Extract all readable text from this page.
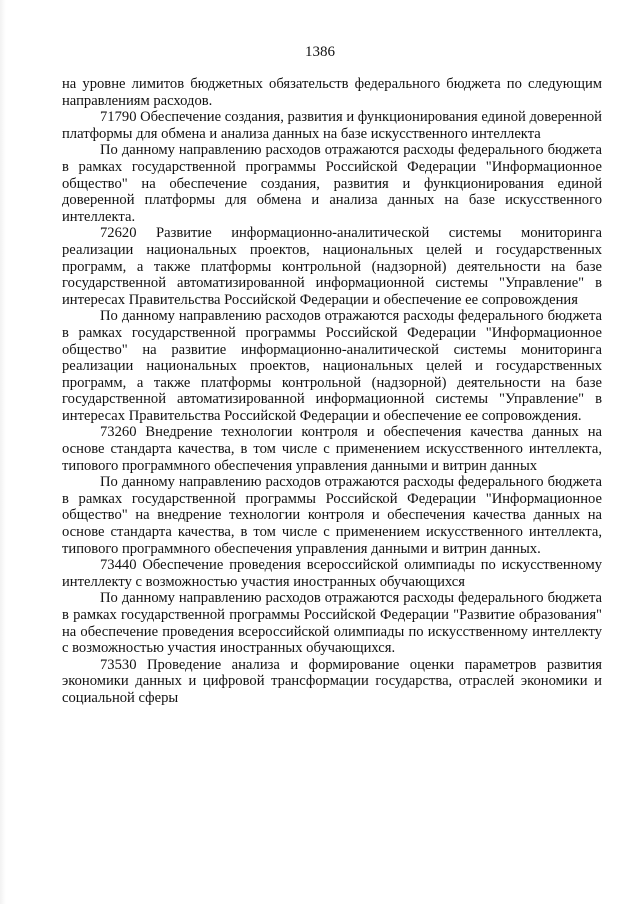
1386

на уровне лимитов бюджетных обязательств федерального бюджета по следующим направлениям расходов.

71790 Обеспечение создания, развития и функционирования единой доверенной платформы для обмена и анализа данных на базе искусственного интеллекта

По данному направлению расходов отражаются расходы федерального бюджета в рамках государственной программы Российской Федерации "Информационное общество" на обеспечение создания, развития и функционирования единой доверенной платформы для обмена и анализа данных на базе искусственного интеллекта.

72620 Развитие информационно-аналитической системы мониторинга реализации национальных проектов, национальных целей и государственных программ, а также платформы контрольной (надзорной) деятельности на базе государственной автоматизированной информационной системы "Управление" в интересах Правительства Российской Федерации и обеспечение ее сопровождения

По данному направлению расходов отражаются расходы федерального бюджета в рамках государственной программы Российской Федерации "Информационное общество" на развитие информационно-аналитической системы мониторинга реализации национальных проектов, национальных целей и государственных программ, а также платформы контрольной (надзорной) деятельности на базе государственной автоматизированной информационной системы "Управление" в интересах Правительства Российской Федерации и обеспечение ее сопровождения.

73260 Внедрение технологии контроля и обеспечения качества данных на основе стандарта качества, в том числе с применением искусственного интеллекта, типового программного обеспечения управления данными и витрин данных

По данному направлению расходов отражаются расходы федерального бюджета в рамках государственной программы Российской Федерации "Информационное общество" на внедрение технологии контроля и обеспечения качества данных на основе стандарта качества, в том числе с применением искусственного интеллекта, типового программного обеспечения управления данными и витрин данных.

73440 Обеспечение проведения всероссийской олимпиады по искусственному интеллекту с возможностью участия иностранных обучающихся

По данному направлению расходов отражаются расходы федерального бюджета в рамках государственной программы Российской Федерации "Развитие образования" на обеспечение проведения всероссийской олимпиады по искусственному интеллекту с возможностью участия иностранных обучающихся.

73530 Проведение анализа и формирование оценки параметров развития экономики данных и цифровой трансформации государства, отраслей экономики и социальной сферы
